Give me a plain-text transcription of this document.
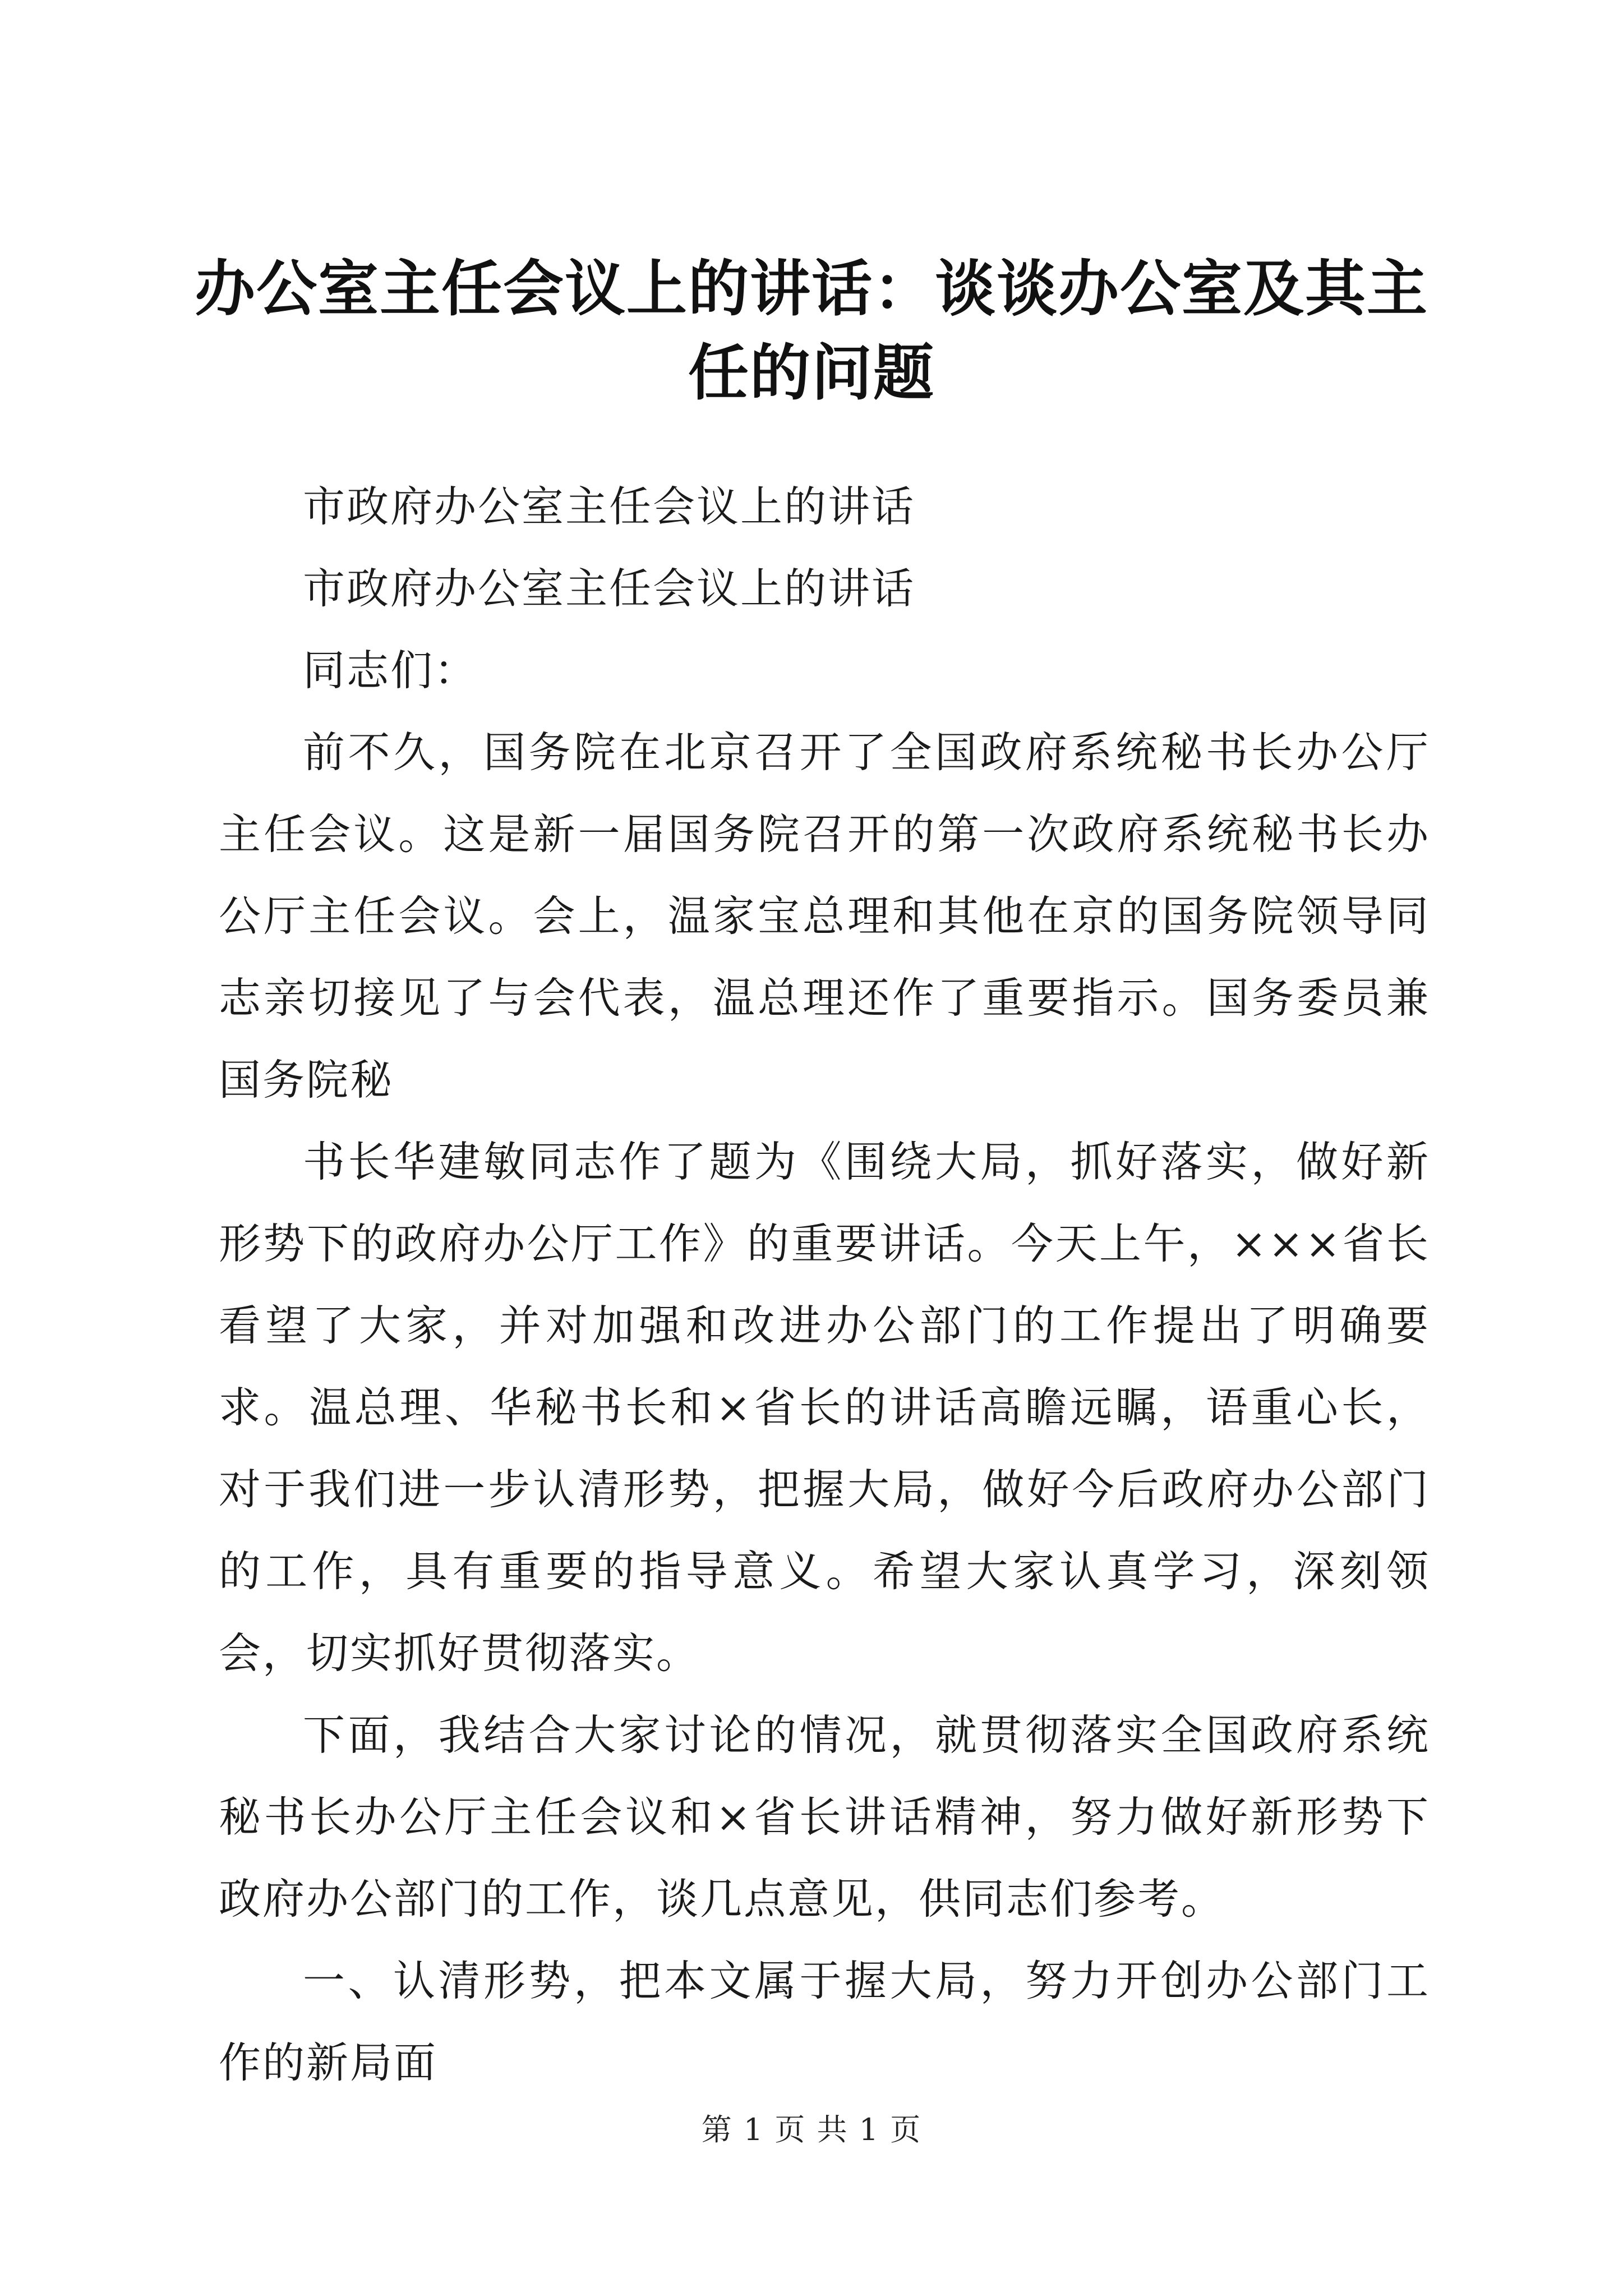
办公室主任会议上的讲话：谈谈办公室及其主任的问题

市政府办公室主任会议上的讲话

市政府办公室主任会议上的讲话

同志们：

前不久，国务院在北京召开了全国政府系统秘书长办公厅主任会议。这是新一届国务院召开的第一次政府系统秘书长办公厅主任会议。会上，温家宝总理和其他在京的国务院领导同志亲切接见了与会代表，温总理还作了重要指示。国务委员兼国务院秘

书长华建敏同志作了题为《围绕大局，抓好落实，做好新形势下的政府办公厅工作》的重要讲话。今天上午，×××省长看望了大家，并对加强和改进办公部门的工作提出了明确要求。温总理、华秘书长和×省长的讲话高瞻远瞩，语重心长，对于我们进一步认清形势，把握大局，做好今后政府办公部门的工作，具有重要的指导意义。希望大家认真学习，深刻领会，切实抓好贯彻落实。

下面，我结合大家讨论的情况，就贯彻落实全国政府系统秘书长办公厅主任会议和×省长讲话精神，努力做好新形势下政府办公部门的工作，谈几点意见，供同志们参考。

一、认清形势，把本文属于握大局，努力开创办公部门工作的新局面

第 1 页 共 1 页
